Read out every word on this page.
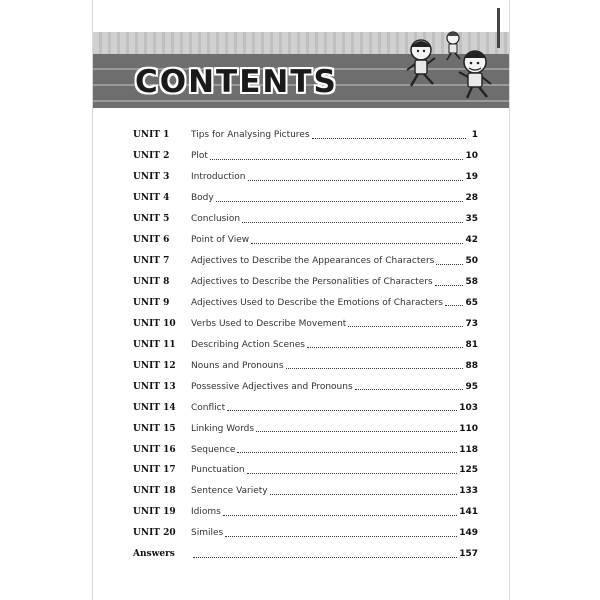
CONTENTS
UNIT 1	Tips for Analysing Pictures	1
UNIT 2	Plot	10
UNIT 3	Introduction	19
UNIT 4	Body	28
UNIT 5	Conclusion	35
UNIT 6	Point of View	42
UNIT 7	Adjectives to Describe the Appearances of Characters	50
UNIT 8	Adjectives to Describe the Personalities of Characters	58
UNIT 9	Adjectives Used to Describe the Emotions of Characters	65
UNIT 10	Verbs Used to Describe Movement	73
UNIT 11	Describing Action Scenes	81
UNIT 12	Nouns and Pronouns	88
UNIT 13	Possessive Adjectives and Pronouns	95
UNIT 14	Conflict	103
UNIT 15	Linking Words	110
UNIT 16	Sequence	118
UNIT 17	Punctuation	125
UNIT 18	Sentence Variety	133
UNIT 19	Idioms	141
UNIT 20	Similes	149
Answers	157
